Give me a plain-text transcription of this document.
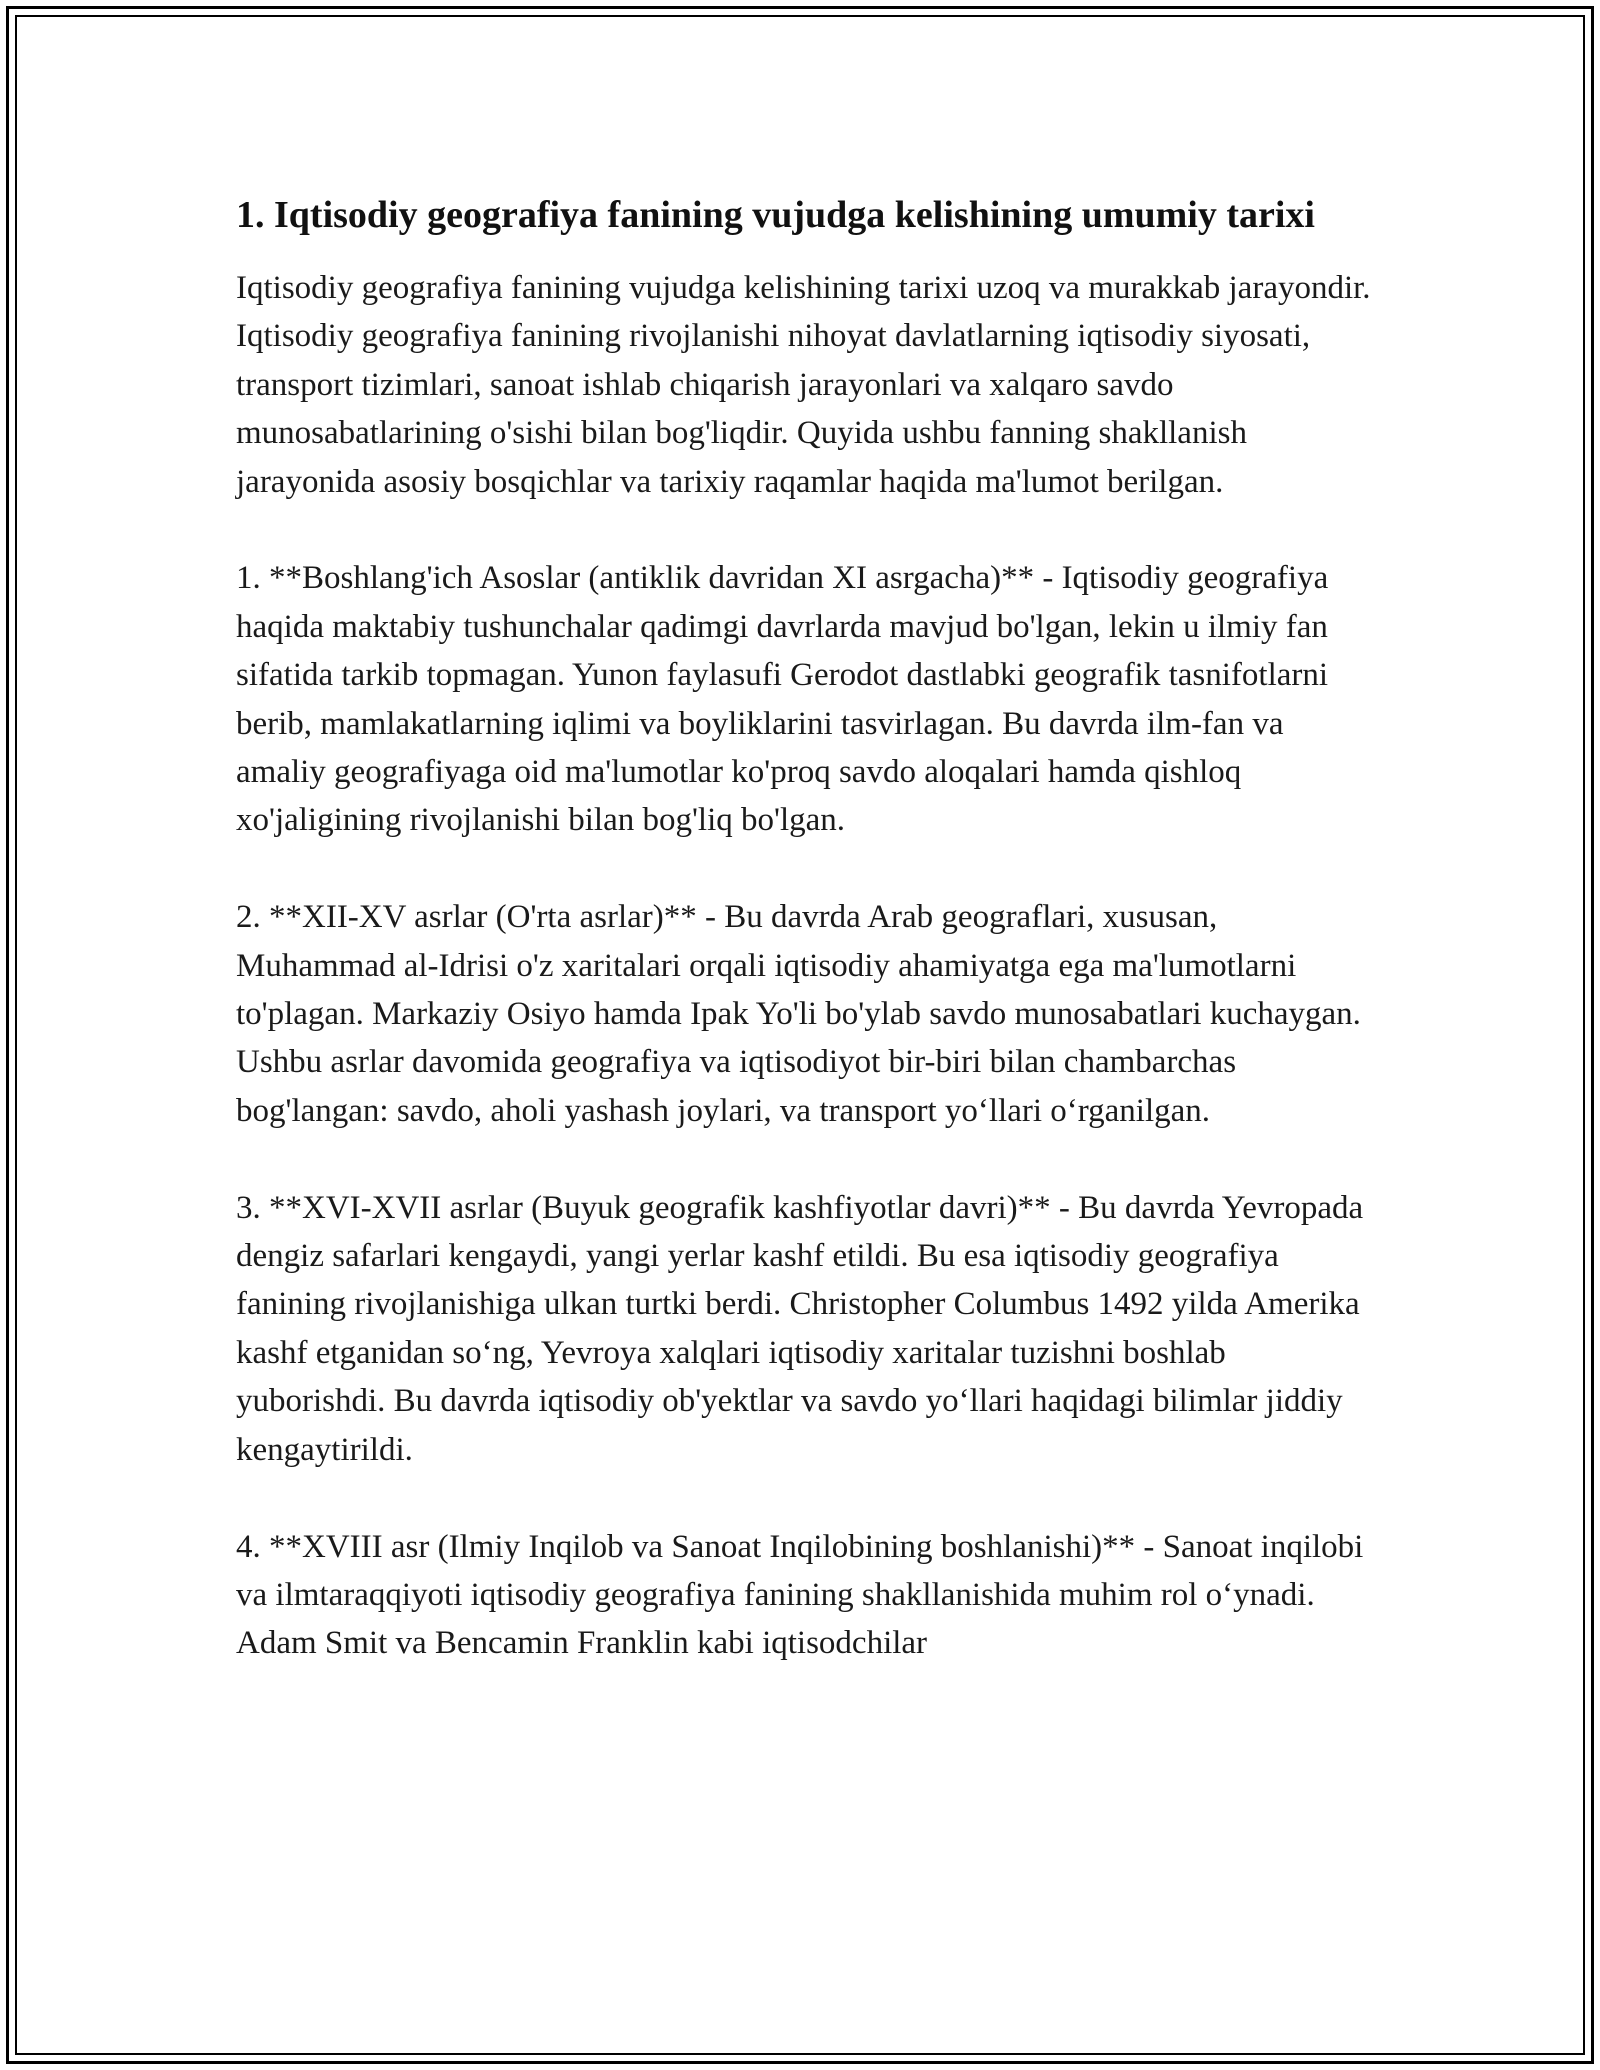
1. Iqtisodiy geografiya fanining vujudga kelishining umumiy tarixi

Iqtisodiy geografiya fanining vujudga kelishining tarixi uzoq va murakkab jarayondir. Iqtisodiy geografiya fanining rivojlanishi nihoyat davlatlarning iqtisodiy siyosati, transport tizimlari, sanoat ishlab chiqarish jarayonlari va xalqaro savdo munosabatlarining o'sishi bilan bog'liqdir. Quyida ushbu fanning shakllanish jarayonida asosiy bosqichlar va tarixiy raqamlar haqida ma'lumot berilgan.

1. **Boshlang'ich Asoslar (antiklik davridan XI asrgacha)** - Iqtisodiy geografiya haqida maktabiy tushunchalar qadimgi davrlarda mavjud bo'lgan, lekin u ilmiy fan sifatida tarkib topmagan. Yunon faylasufi Gerodot dastlabki geografik tasnifotlarni berib, mamlakatlarning iqlimi va boyliklarini tasvirlagan. Bu davrda ilm-fan va amaliy geografiyaga oid ma'lumotlar ko'proq savdo aloqalari hamda qishloq xo'jaligining rivojlanishi bilan bog'liq bo'lgan.

2. **XII-XV asrlar (O'rta asrlar)** - Bu davrda Arab geograflari, xususan, Muhammad al-Idrisi o'z xaritalari orqali iqtisodiy ahamiyatga ega ma'lumotlarni to'plagan. Markaziy Osiyo hamda Ipak Yo'li bo'ylab savdo munosabatlari kuchaygan. Ushbu asrlar davomida geografiya va iqtisodiyot bir-biri bilan chambarchas bog'langan: savdo, aholi yashash joylari, va transport yo‘llari o‘rganilgan.

3. **XVI-XVII asrlar (Buyuk geografik kashfiyotlar davri)** - Bu davrda Yevropada dengiz safarlari kengaydi, yangi yerlar kashf etildi. Bu esa iqtisodiy geografiya fanining rivojlanishiga ulkan turtki berdi. Christopher Columbus 1492 yilda Amerika kashf etganidan so‘ng, Yevroya xalqlari iqtisodiy xaritalar tuzishni boshlab yuborishdi. Bu davrda iqtisodiy ob'yektlar va savdo yo‘llari haqidagi bilimlar jiddiy kengaytirildi.

4. **XVIII asr (Ilmiy Inqilob va Sanoat Inqilobining boshlanishi)** - Sanoat inqilobi va ilmtaraqqiyoti iqtisodiy geografiya fanining shakllanishida muhim rol o‘ynadi. Adam Smit va Bencamin Franklin kabi iqtisodchilar
